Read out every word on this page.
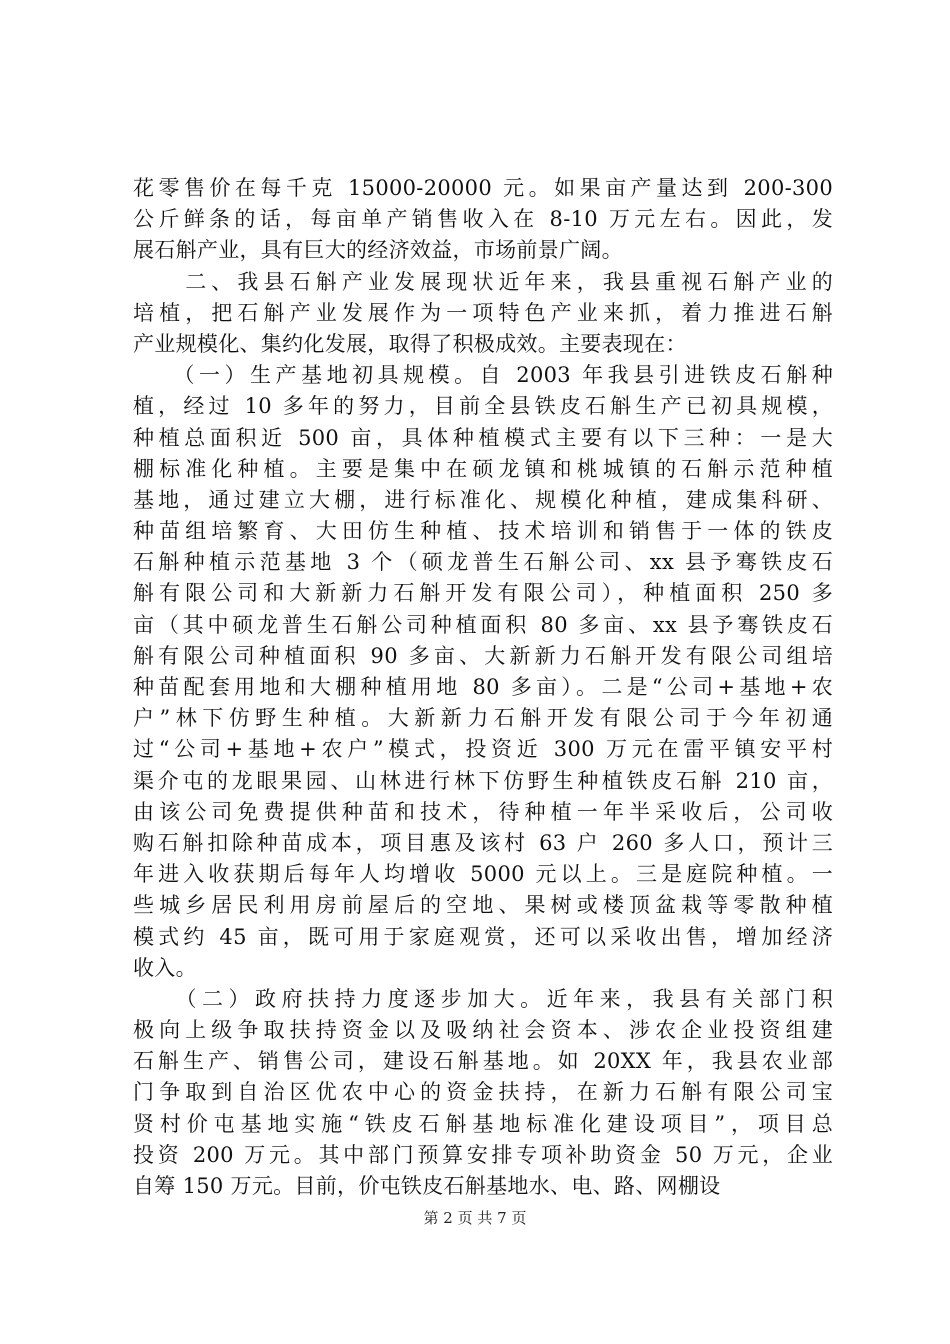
花零售价在每千克 15000-20000 元。如果亩产量达到 200-300
公斤鲜条的话，每亩单产销售收入在 8-10 万元左右。因此，发
展石斛产业，具有巨大的经济效益，市场前景广阔。
　　二、我县石斛产业发展现状近年来，我县重视石斛产业的
培植，把石斛产业发展作为一项特色产业来抓，着力推进石斛
产业规模化、集约化发展，取得了积极成效。主要表现在：
　　（一）生产基地初具规模。自 2003 年我县引进铁皮石斛种
植，经过 10 多年的努力，目前全县铁皮石斛生产已初具规模，
种植总面积近 500 亩，具体种植模式主要有以下三种：一是大
棚标准化种植。主要是集中在硕龙镇和桃城镇的石斛示范种植
基地，通过建立大棚，进行标准化、规模化种植，建成集科研、
种苗组培繁育、大田仿生种植、技术培训和销售于一体的铁皮
石斛种植示范基地 3 个（硕龙普生石斛公司、xx 县予骞铁皮石
斛有限公司和大新新力石斛开发有限公司），种植面积 250 多
亩（其中硕龙普生石斛公司种植面积 80 多亩、xx 县予骞铁皮石
斛有限公司种植面积 90 多亩、大新新力石斛开发有限公司组培
种苗配套用地和大棚种植用地 80 多亩）。二是“公司+基地+农
户”林下仿野生种植。大新新力石斛开发有限公司于今年初通
过“公司+基地+农户”模式，投资近 300 万元在雷平镇安平村
渠介屯的龙眼果园、山林进行林下仿野生种植铁皮石斛 210 亩，
由该公司免费提供种苗和技术，待种植一年半采收后，公司收
购石斛扣除种苗成本，项目惠及该村 63 户 260 多人口，预计三
年进入收获期后每年人均增收 5000 元以上。三是庭院种植。一
些城乡居民利用房前屋后的空地、果树或楼顶盆栽等零散种植
模式约 45 亩，既可用于家庭观赏，还可以采收出售，增加经济
收入。
　　（二）政府扶持力度逐步加大。近年来，我县有关部门积
极向上级争取扶持资金以及吸纳社会资本、涉农企业投资组建
石斛生产、销售公司，建设石斛基地。如 20XX 年，我县农业部
门争取到自治区优农中心的资金扶持，在新力石斛有限公司宝
贤村价屯基地实施“铁皮石斛基地标准化建设项目”，项目总
投资 200 万元。其中部门预算安排专项补助资金 50 万元，企业
自筹 150 万元。目前，价屯铁皮石斛基地水、电、路、网棚设
第 2 页 共 7 页
